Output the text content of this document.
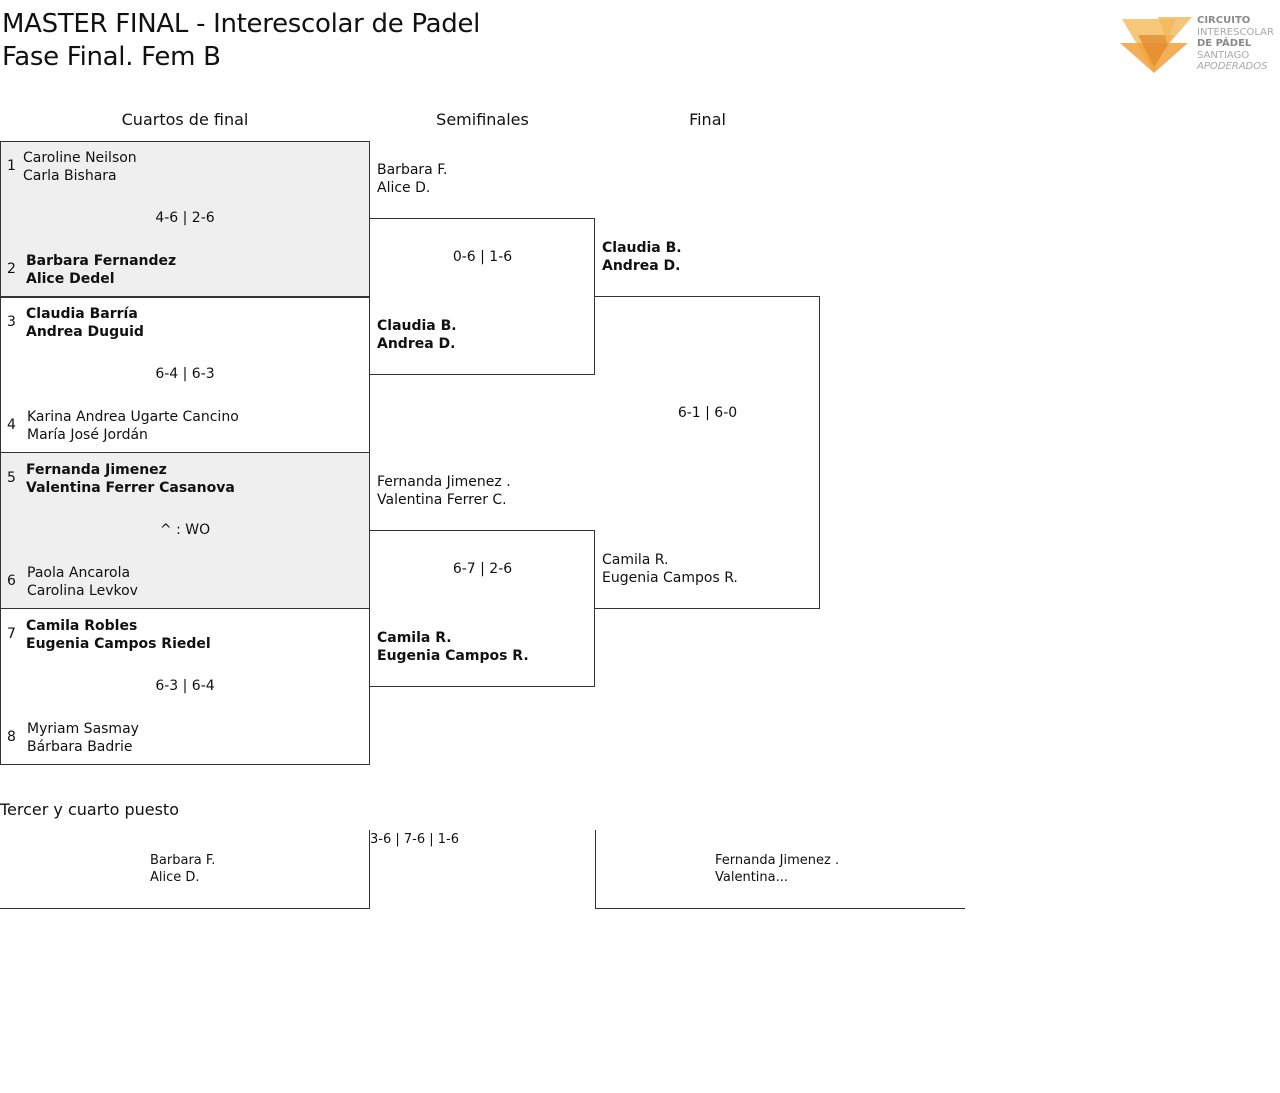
MASTER FINAL - Interescolar de Padel
Fase Final. Fem B
CIRCUITO
INTERESCOLAR
DE PÁDEL
SANTIAGO
APODERADOS
Cuartos de final	Semifinales	Final
1 Caroline Neilson
Carla Bishara
4-6 | 2-6
2 Barbara Fernandez
Alice Dedel
3 Claudia Barría
Andrea Duguid
6-4 | 6-3
4 Karina Andrea Ugarte Cancino
María José Jordán
5 Fernanda Jimenez
Valentina Ferrer Casanova
^ : WO
6 Paola Ancarola
Carolina Levkov
7 Camila Robles
Eugenia Campos Riedel
6-3 | 6-4
8 Myriam Sasmay
Bárbara Badrie
Barbara F.
Alice D.
0-6 | 1-6
Claudia B.
Andrea D.
Fernanda Jimenez .
Valentina Ferrer C.
6-7 | 2-6
Camila R.
Eugenia Campos R.
Claudia B.
Andrea D.
6-1 | 6-0
Camila R.
Eugenia Campos R.
Tercer y cuarto puesto
3-6 | 7-6 | 1-6
Barbara F.
Alice D.
Fernanda Jimenez .
Valentina...
